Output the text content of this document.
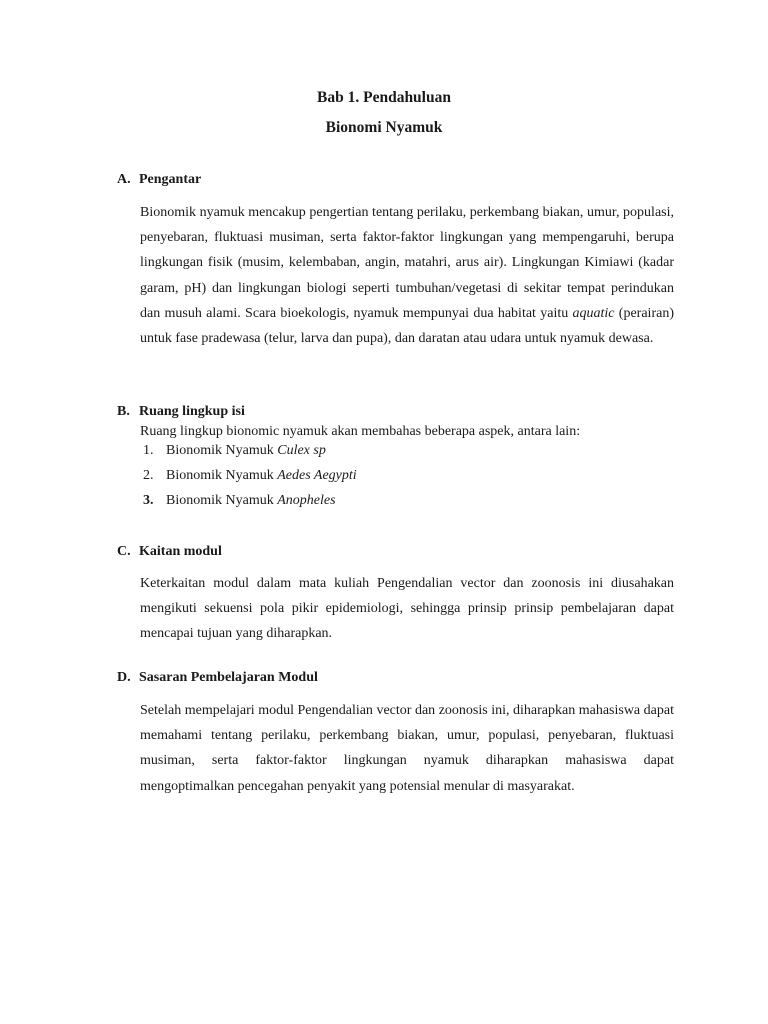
Bab 1. Pendahuluan
Bionomi Nyamuk
A. Pengantar
Bionomik nyamuk mencakup pengertian tentang perilaku, perkembang biakan, umur, populasi, penyebaran, fluktuasi musiman, serta faktor-faktor lingkungan yang mempengaruhi, berupa lingkungan fisik (musim, kelembaban, angin, matahri, arus air). Lingkungan Kimiawi (kadar garam, pH) dan lingkungan biologi seperti tumbuhan/vegetasi di sekitar tempat perindukan dan musuh alami. Scara bioekologis, nyamuk mempunyai dua habitat yaitu aquatic (perairan) untuk fase pradewasa (telur, larva dan pupa), dan daratan atau udara untuk nyamuk dewasa.
B. Ruang lingkup isi
Ruang lingkup bionomic nyamuk akan membahas beberapa aspek, antara lain:
1. Bionomik Nyamuk Culex sp
2. Bionomik Nyamuk Aedes Aegypti
3. Bionomik Nyamuk Anopheles
C. Kaitan modul
Keterkaitan modul dalam mata kuliah Pengendalian vector dan zoonosis ini diusahakan mengikuti sekuensi pola pikir epidemiologi, sehingga prinsip prinsip pembelajaran dapat mencapai tujuan yang diharapkan.
D. Sasaran Pembelajaran Modul
Setelah mempelajari modul Pengendalian vector dan zoonosis ini, diharapkan mahasiswa dapat memahami tentang perilaku, perkembang biakan, umur, populasi, penyebaran, fluktuasi musiman, serta faktor-faktor lingkungan nyamuk diharapkan mahasiswa dapat mengoptimalkan pencegahan penyakit yang potensial menular di masyarakat.
